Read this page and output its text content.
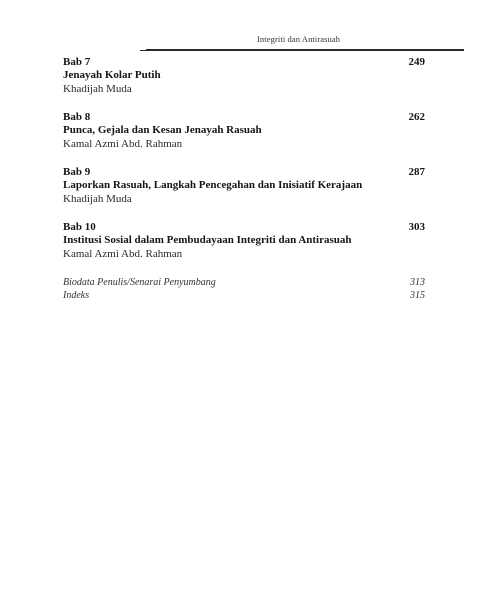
Integriti dan Antirasuah
Bab 7
Jenayah Kolar Putih
Khadijah Muda
249
Bab 8
Punca, Gejala dan Kesan Jenayah Rasuah
Kamal Azmi Abd. Rahman
262
Bab 9
Laporkan Rasuah, Langkah Pencegahan dan Inisiatif Kerajaan
Khadijah Muda
287
Bab 10
Institusi Sosial dalam Pembudayaan Integriti dan Antirasuah
Kamal Azmi Abd. Rahman
303
Biodata Penulis/Senarai Penyumbang	313
Indeks	315
